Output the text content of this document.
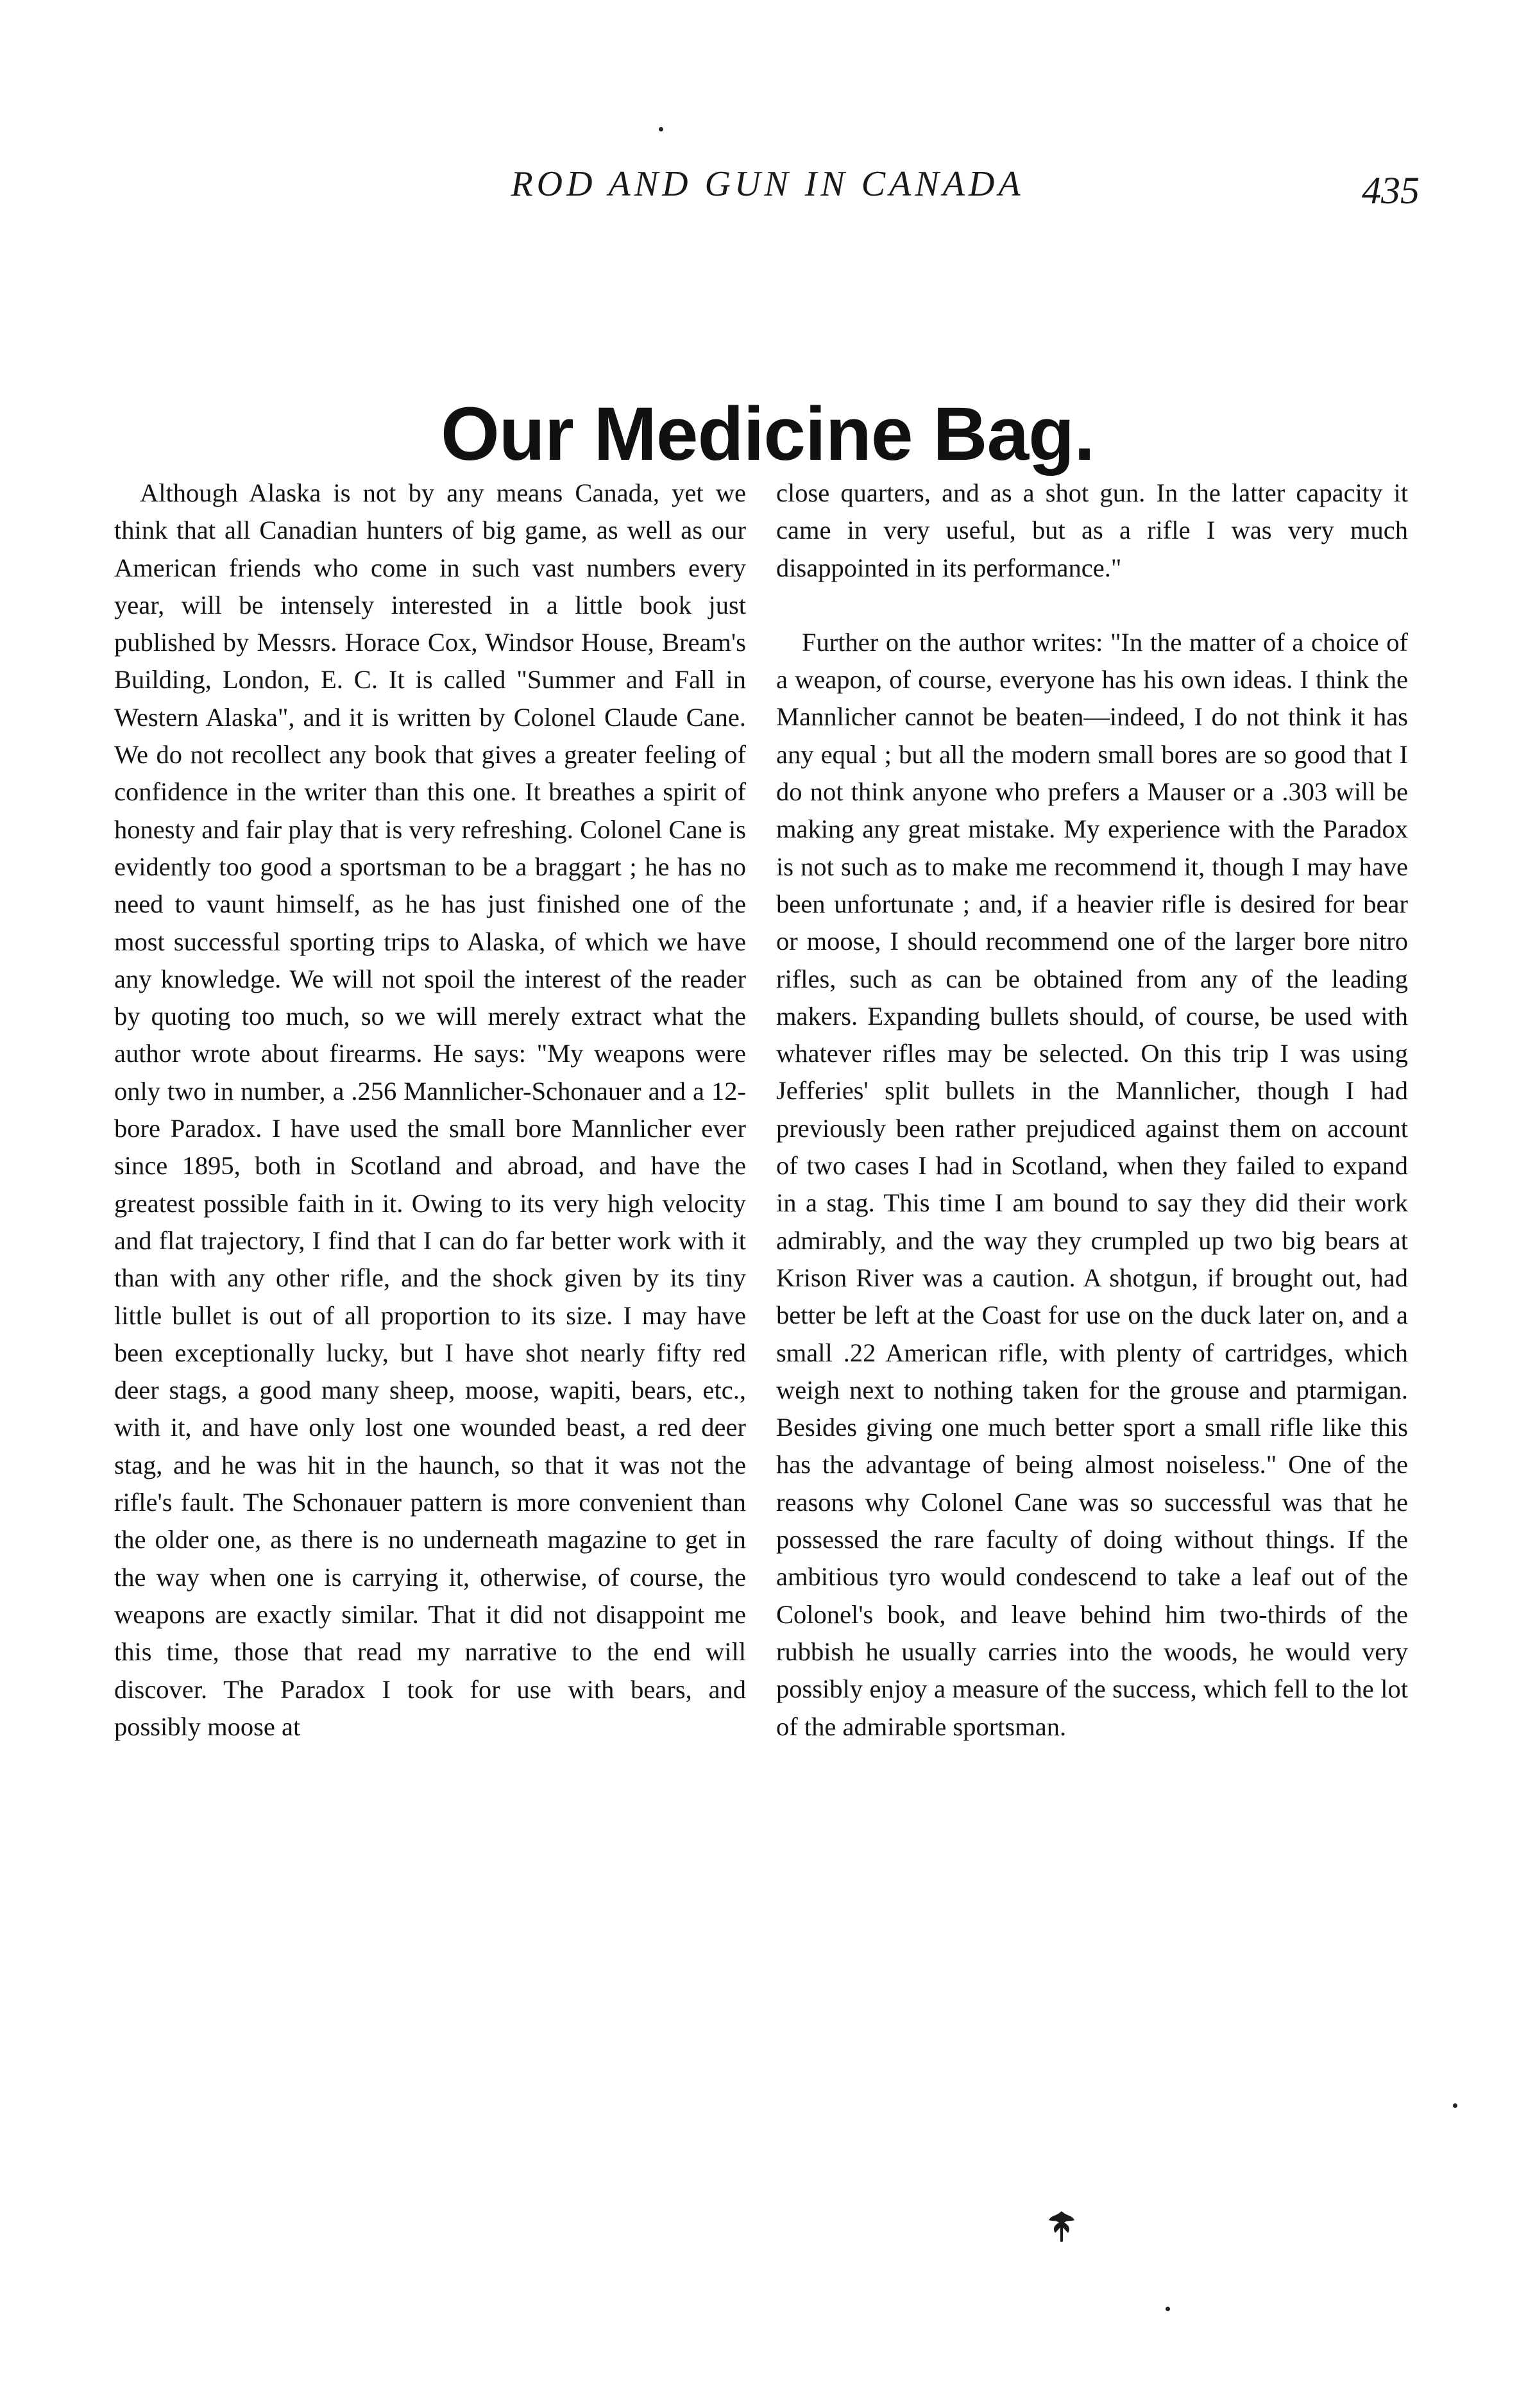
ROD AND GUN IN CANADA	435
Our Medicine Bag.

Although Alaska is not by any means Canada, yet we think that all Canadian hunters of big game, as well as our American friends who come in such vast numbers every year, will be intensely interested in a little book just published by Messrs. Horace Cox, Windsor House, Bream's Building, London, E. C. It is called "Summer and Fall in Western Alaska", and it is written by Colonel Claude Cane. We do not recollect any book that gives a greater feeling of confidence in the writer than this one. It breathes a spirit of honesty and fair play that is very refreshing. Colonel Cane is evidently too good a sportsman to be a braggart ; he has no need to vaunt himself, as he has just finished one of the most successful sporting trips to Alaska, of which we have any knowledge. We will not spoil the interest of the reader by quoting too much, so we will merely extract what the author wrote about firearms. He says: "My weapons were only two in number, a .256 Mannlicher-Schonauer and a 12-bore Paradox. I have used the small bore Mannlicher ever since 1895, both in Scotland and abroad, and have the greatest possible faith in it. Owing to its very high velocity and flat trajectory, I find that I can do far better work with it than with any other rifle, and the shock given by its tiny little bullet is out of all proportion to its size. I may have been exceptionally lucky, but I have shot nearly fifty red deer stags, a good many sheep, moose, wapiti, bears, etc., with it, and have only lost one wounded beast, a red deer stag, and he was hit in the haunch, so that it was not the rifle's fault. The Schonauer pattern is more convenient than the older one, as there is no underneath magazine to get in the way when one is carrying it, otherwise, of course, the weapons are exactly similar. That it did not disappoint me this time, those that read my narrative to the end will discover. The Paradox I took for use with bears, and possibly moose at

close quarters, and as a shot gun. In the latter capacity it came in very useful, but as a rifle I was very much disappointed in its performance."

Further on the author writes: "In the matter of a choice of a weapon, of course, everyone has his own ideas. I think the Mannlicher cannot be beaten—indeed, I do not think it has any equal ; but all the modern small bores are so good that I do not think anyone who prefers a Mauser or a .303 will be making any great mistake. My experience with the Paradox is not such as to make me recommend it, though I may have been unfortunate ; and, if a heavier rifle is desired for bear or moose, I should recommend one of the larger bore nitro rifles, such as can be obtained from any of the leading makers. Expanding bullets should, of course, be used with whatever rifles may be selected. On this trip I was using Jefferies' split bullets in the Mannlicher, though I had previously been rather prejudiced against them on account of two cases I had in Scotland, when they failed to expand in a stag. This time I am bound to say they did their work admirably, and the way they crumpled up two big bears at Krison River was a caution. A shotgun, if brought out, had better be left at the Coast for use on the duck later on, and a small .22 American rifle, with plenty of cartridges, which weigh next to nothing taken for the grouse and ptarmigan. Besides giving one much better sport a small rifle like this has the advantage of being almost noiseless." One of the reasons why Colonel Cane was so successful was that he possessed the rare faculty of doing without things. If the ambitious tyro would condescend to take a leaf out of the Colonel's book, and leave behind him two-thirds of the rubbish he usually carries into the woods, he would very possibly enjoy a measure of the success, which fell to the lot of the admirable sportsman.
